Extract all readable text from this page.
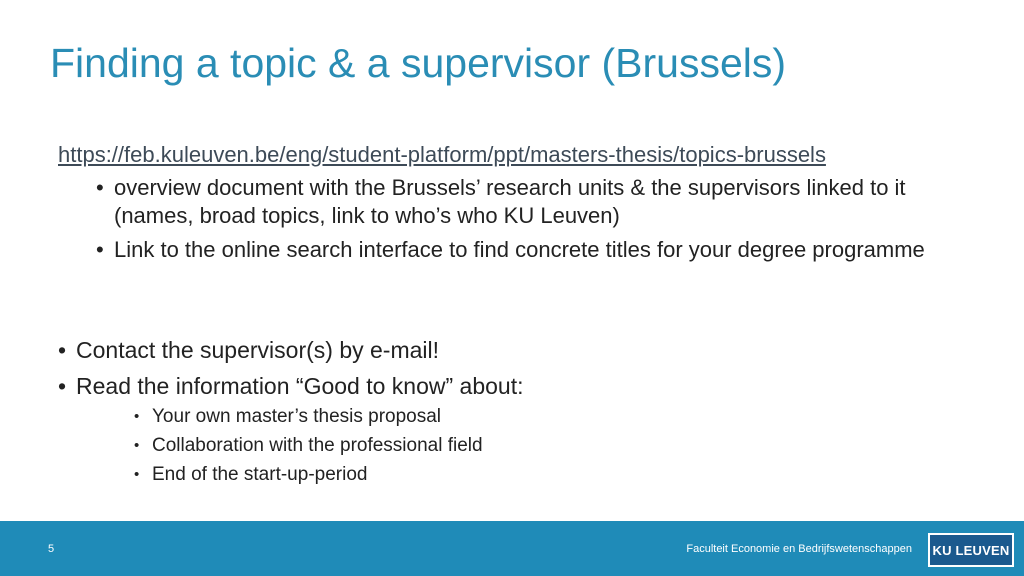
Finding a topic & a supervisor (Brussels)
https://feb.kuleuven.be/eng/student-platform/ppt/masters-thesis/topics-brussels
• overview document with the Brussels’ research units & the supervisors linked to it (names, broad topics, link to who’s who KU Leuven)
• Link to the online search interface to find concrete titles for your degree programme
• Contact the supervisor(s) by e-mail!
• Read the information “Good to know” about:
• Your own master’s thesis proposal
• Collaboration with the professional field
• End of the start-up-period
5	Faculteit Economie en Bedrijfswetenschappen KU LEUVEN
